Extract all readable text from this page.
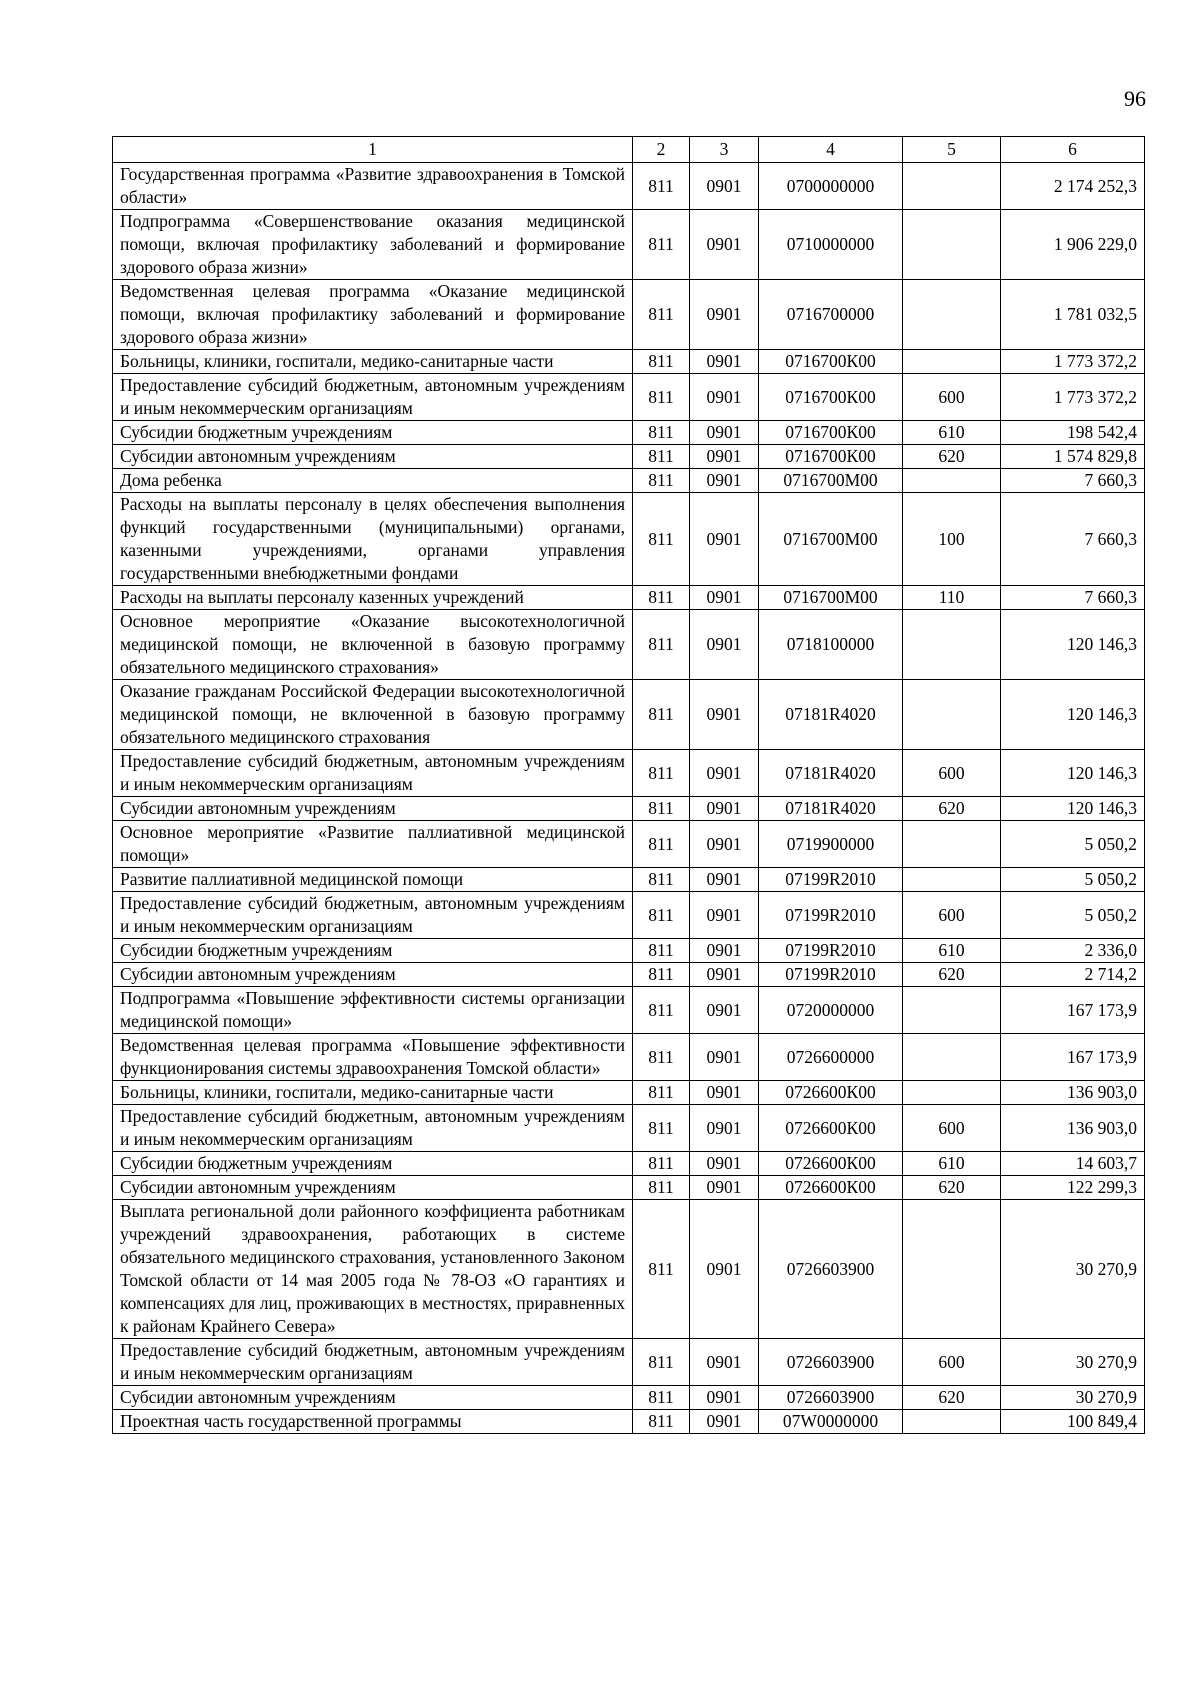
96
1	2	3	4	5	6
Государственная программа «Развитие здравоохранения в Томской области»	811	0901	0700000000		2 174 252,3
Подпрограмма «Совершенствование оказания медицинской помощи, включая профилактику заболеваний и формирование здорового образа жизни»	811	0901	0710000000		1 906 229,0
Ведомственная целевая программа «Оказание медицинской помощи, включая профилактику заболеваний и формирование здорового образа жизни»	811	0901	0716700000		1 781 032,5
Больницы, клиники, госпитали, медико-санитарные части	811	0901	0716700К00		1 773 372,2
Предоставление субсидий бюджетным, автономным учреждениям и иным некоммерческим организациям	811	0901	0716700К00	600	1 773 372,2
Субсидии бюджетным учреждениям	811	0901	0716700К00	610	198 542,4
Субсидии автономным учреждениям	811	0901	0716700К00	620	1 574 829,8
Дома ребенка	811	0901	0716700М00		7 660,3
Расходы на выплаты персоналу в целях обеспечения выполнения функций государственными (муниципальными) органами, казенными учреждениями, органами управления государственными внебюджетными фондами	811	0901	0716700М00	100	7 660,3
Расходы на выплаты персоналу казенных учреждений	811	0901	0716700М00	110	7 660,3
Основное мероприятие «Оказание высокотехнологичной медицинской помощи, не включенной в базовую программу обязательного медицинского страхования»	811	0901	0718100000		120 146,3
Оказание гражданам Российской Федерации высокотехнологичной медицинской помощи, не включенной в базовую программу обязательного медицинского страхования	811	0901	07181R4020		120 146,3
Предоставление субсидий бюджетным, автономным учреждениям и иным некоммерческим организациям	811	0901	07181R4020	600	120 146,3
Субсидии автономным учреждениям	811	0901	07181R4020	620	120 146,3
Основное мероприятие «Развитие паллиативной медицинской помощи»	811	0901	0719900000		5 050,2
Развитие паллиативной медицинской помощи	811	0901	07199R2010		5 050,2
Предоставление субсидий бюджетным, автономным учреждениям и иным некоммерческим организациям	811	0901	07199R2010	600	5 050,2
Субсидии бюджетным учреждениям	811	0901	07199R2010	610	2 336,0
Субсидии автономным учреждениям	811	0901	07199R2010	620	2 714,2
Подпрограмма «Повышение эффективности системы организации медицинской помощи»	811	0901	0720000000		167 173,9
Ведомственная целевая программа «Повышение эффективности функционирования системы здравоохранения Томской области»	811	0901	0726600000		167 173,9
Больницы, клиники, госпитали, медико-санитарные части	811	0901	0726600К00		136 903,0
Предоставление субсидий бюджетным, автономным учреждениям и иным некоммерческим организациям	811	0901	0726600К00	600	136 903,0
Субсидии бюджетным учреждениям	811	0901	0726600К00	610	14 603,7
Субсидии автономным учреждениям	811	0901	0726600К00	620	122 299,3
Выплата региональной доли районного коэффициента работникам учреждений здравоохранения, работающих в системе обязательного медицинского страхования, установленного Законом Томской области от 14 мая 2005 года № 78-ОЗ «О гарантиях и компенсациях для лиц, проживающих в местностях, приравненных к районам Крайнего Севера»	811	0901	0726603900		30 270,9
Предоставление субсидий бюджетным, автономным учреждениям и иным некоммерческим организациям	811	0901	0726603900	600	30 270,9
Субсидии автономным учреждениям	811	0901	0726603900	620	30 270,9
Проектная часть государственной программы	811	0901	07W0000000		100 849,4
